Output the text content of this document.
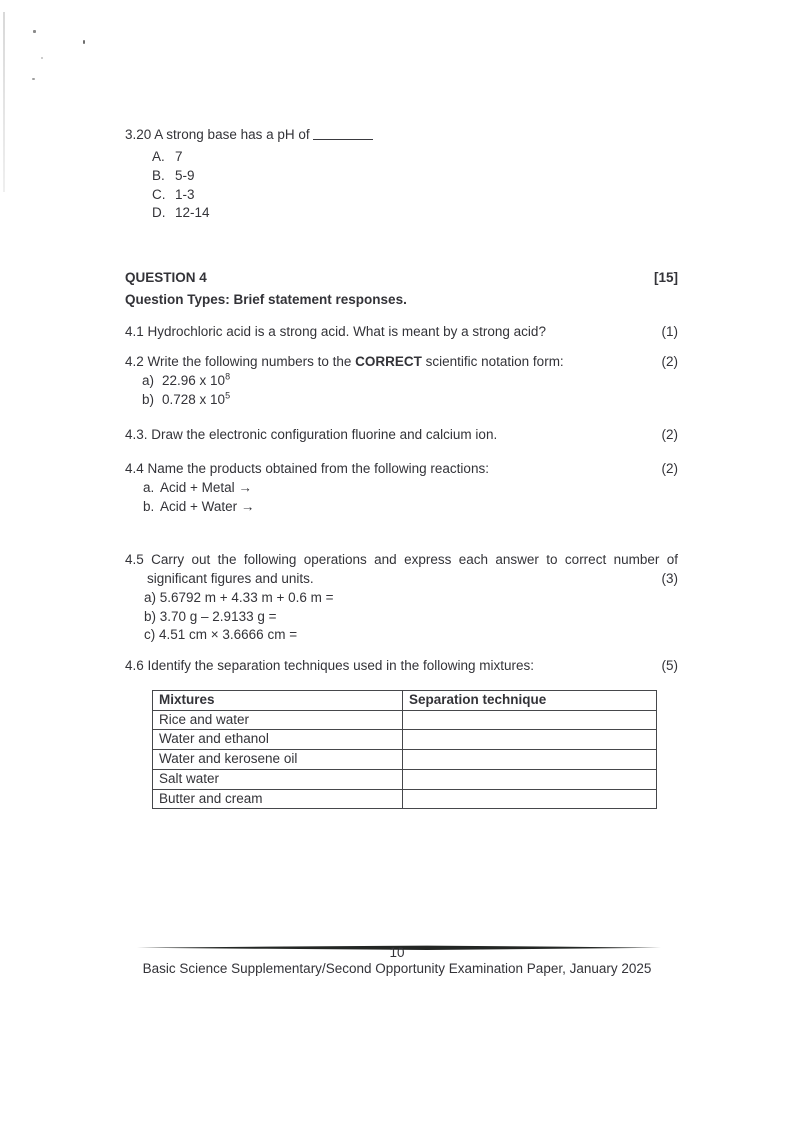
3.20 A strong base has a pH of
A. 7
B. 5-9
C. 1-3
D. 12-14
QUESTION 4	[15]
Question Types: Brief statement responses.
4.1 Hydrochloric acid is a strong acid. What is meant by a strong acid?	(1)
4.2 Write the following numbers to the CORRECT scientific notation form:	(2)
a) 22.96 x $10^8$
b) 0.728 x $10^5$
4.3. Draw the electronic configuration fluorine and calcium ion.	(2)
4.4 Name the products obtained from the following reactions:	(2)
a. Acid + Metal →
b. Acid + Water →
4.5 Carry out the following operations and express each answer to correct number of
significant figures and units.	(3)
a) 5.6792 m + 4.33 m + 0.6 m =
b) 3.70 g – 2.9133 g =
c) 4.51 cm × 3.6666 cm =
4.6 Identify the separation techniques used in the following mixtures:	(5)
Mixtures	Separation technique
Rice and water	
Water and ethanol	
Water and kerosene oil	
Salt water	
Butter and cream	
10
Basic Science Supplementary/Second Opportunity Examination Paper, January 2025
